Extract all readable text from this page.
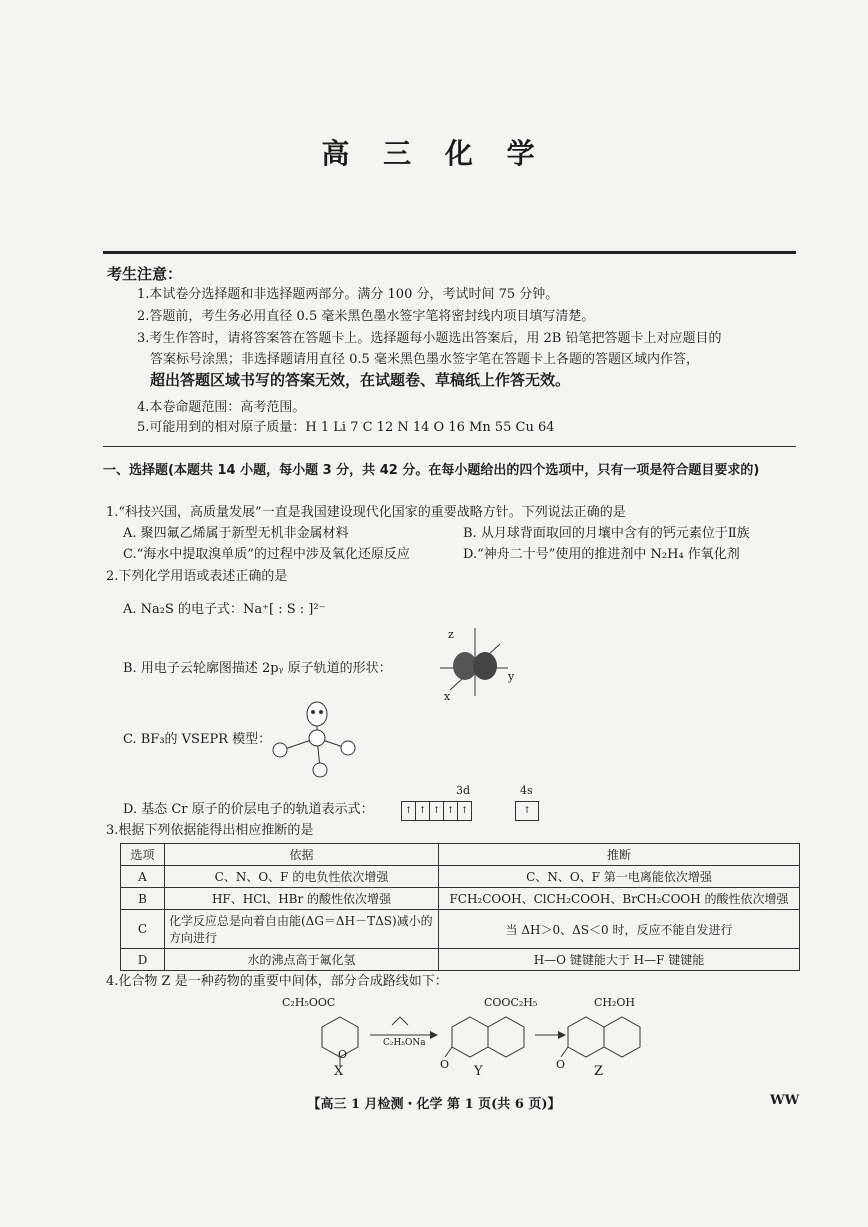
高 三 化 学
考生注意：
1.本试卷分选择题和非选择题两部分。满分 100 分，考试时间 75 分钟。
2.答题前，考生务必用直径 0.5 毫米黑色墨水签字笔将密封线内项目填写清楚。
3.考生作答时，请将答案答在答题卡上。选择题每小题选出答案后，用 2B 铅笔把答题卡上对应题目的
答案标号涂黑；非选择题请用直径 0.5 毫米黑色墨水签字笔在答题卡上各题的答题区域内作答，
超出答题区域书写的答案无效，在试题卷、草稿纸上作答无效。
4.本卷命题范围：高考范围。
5.可能用到的相对原子质量：H 1 Li 7 C 12 N 14 O 16 Mn 55 Cu 64
一、选择题(本题共 14 小题，每小题 3 分，共 42 分。在每小题给出的四个选项中，只有一项是符合题目要求的)
1.“科技兴国，高质量发展”一直是我国建设现代化国家的重要战略方针。下列说法正确的是
A. 聚四氟乙烯属于新型无机非金属材料	B. 从月球背面取回的月壤中含有的钙元素位于Ⅱ族
C.“海水中提取溴单质”的过程中涉及氧化还原反应	D.“神舟二十号”使用的推进剂中 N₂H₄ 作氧化剂
2.下列化学用语或表述正确的是
A. Na₂S 的电子式：Na⁺[ : S : ]²⁻
B. 用电子云轮廓图描述 2pᵧ 原子轨道的形状：
z
y
x
C. BF₃的 VSEPR 模型：
D. 基态 Cr 原子的价层电子的轨道表示式：
3d	4s
↑ ↑ ↑ ↑ ↑	↑
3.根据下列依据能得出相应推断的是
选项	依据	推断
A	C、N、O、F 的电负性依次增强	C、N、O、F 第一电离能依次增强
B	HF、HCl、HBr 的酸性依次增强	FCH₂COOH、ClCH₂COOH、BrCH₂COOH 的酸性依次增强
C	化学反应总是向着自由能(ΔG＝ΔH－TΔS)减小的方向进行	当 ΔH＞0、ΔS＜0 时，反应不能自发进行
D	水的沸点高于氟化氢	H—O 键键能大于 H—F 键键能
4.化合物 Z 是一种药物的重要中间体，部分合成路线如下：
C₂H₅OOC
C₂H₅ONa
COOC₂H₅	CH₂OH
O
O	O
X	Y	Z
【高三 1 月检测・化学 第 1 页(共 6 页)】	WW
